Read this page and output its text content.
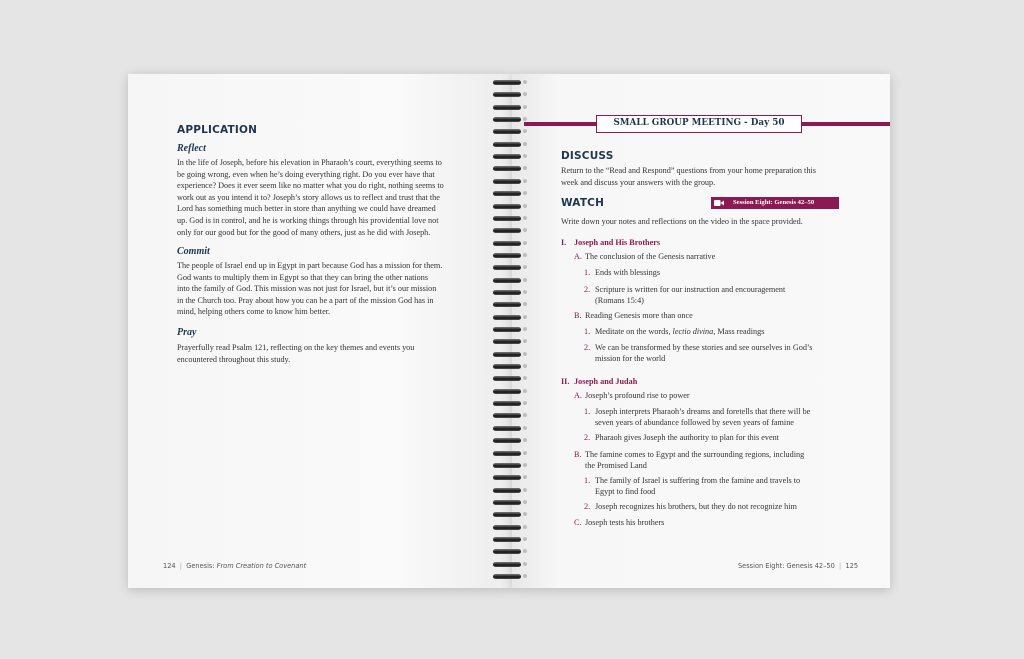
APPLICATION
Reflect
In the life of Joseph, before his elevation in Pharaoh’s court, everything seems to
be going wrong, even when he’s doing everything right. Do you ever have that
experience? Does it ever seem like no matter what you do right, nothing seems to
work out as you intend it to? Joseph’s story allows us to reflect and trust that the
Lord has something much better in store than anything we could have dreamed
up. God is in control, and he is working things through his providential love not
only for our good but for the good of many others, just as he did with Joseph.
Commit
The people of Israel end up in Egypt in part because God has a mission for them.
God wants to multiply them in Egypt so that they can bring the other nations
into the family of God. This mission was not just for Israel, but it’s our mission
in the Church too. Pray about how you can be a part of the mission God has in
mind, helping others come to know him better.
Pray
Prayerfully read Psalm 121, reflecting on the key themes and events you
encountered throughout this study.
124  |  Genesis: From Creation to Covenant
SMALL GROUP MEETING - Day 50
DISCUSS
Return to the “Read and Respond” questions from your home preparation this
week and discuss your answers with the group.
WATCH	Session Eight: Genesis 42–50
Write down your notes and reflections on the video in the space provided.
I. Joseph and His Brothers
A. The conclusion of the Genesis narrative
1. Ends with blessings
2. Scripture is written for our instruction and encouragement
(Romans 15:4)
B. Reading Genesis more than once
1. Meditate on the words, lectio divina, Mass readings
2. We can be transformed by these stories and see ourselves in God’s
mission for the world
II. Joseph and Judah
A. Joseph’s profound rise to power
1. Joseph interprets Pharaoh’s dreams and foretells that there will be
seven years of abundance followed by seven years of famine
2. Pharaoh gives Joseph the authority to plan for this event
B. The famine comes to Egypt and the surrounding regions, including
the Promised Land
1. The family of Israel is suffering from the famine and travels to
Egypt to find food
2. Joseph recognizes his brothers, but they do not recognize him
C. Joseph tests his brothers
Session Eight: Genesis 42–50  |  125
